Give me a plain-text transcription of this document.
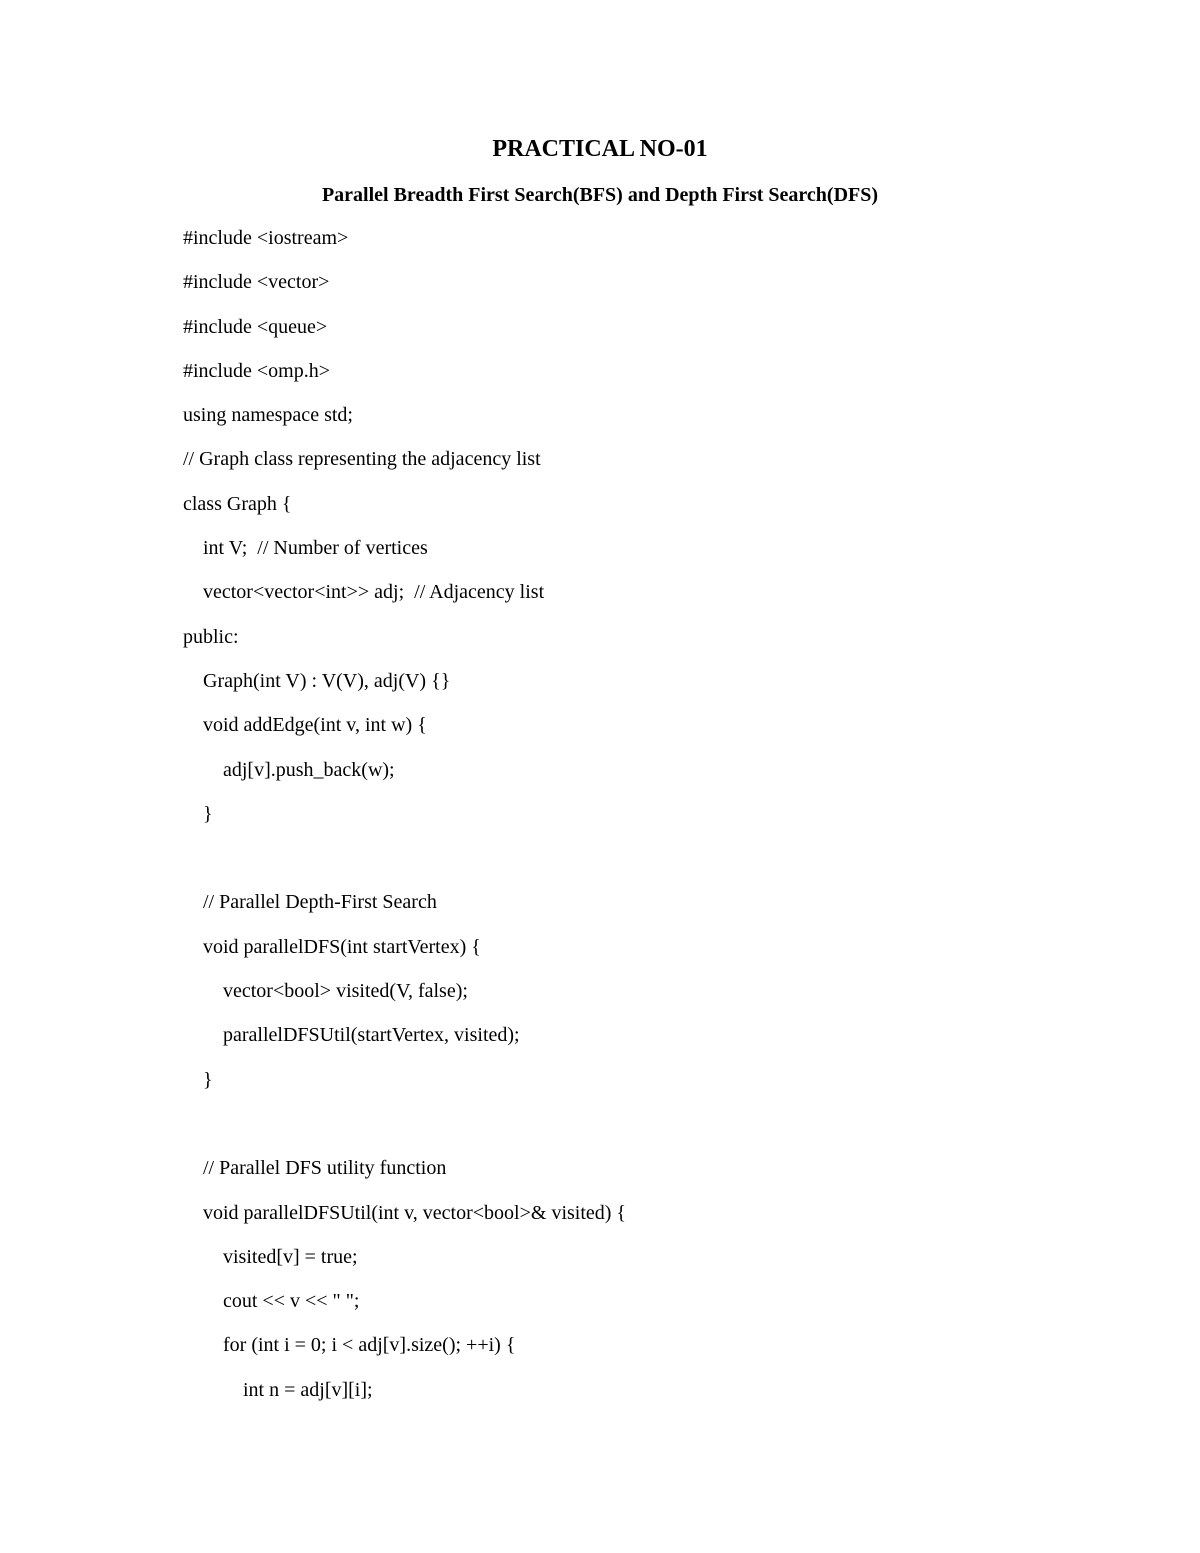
PRACTICAL NO-01
Parallel Breadth First Search(BFS) and Depth First Search(DFS)
#include <iostream>
#include <vector>
#include <queue>
#include <omp.h>
using namespace std;
// Graph class representing the adjacency list
class Graph {
int V;  // Number of vertices
vector<vector<int>> adj;  // Adjacency list
public:
Graph(int V) : V(V), adj(V) {}
void addEdge(int v, int w) {
adj[v].push_back(w);
}
// Parallel Depth-First Search
void parallelDFS(int startVertex) {
vector<bool> visited(V, false);
parallelDFSUtil(startVertex, visited);
}
// Parallel DFS utility function
void parallelDFSUtil(int v, vector<bool>& visited) {
visited[v] = true;
cout << v << " ";
for (int i = 0; i < adj[v].size(); ++i) {
int n = adj[v][i];
